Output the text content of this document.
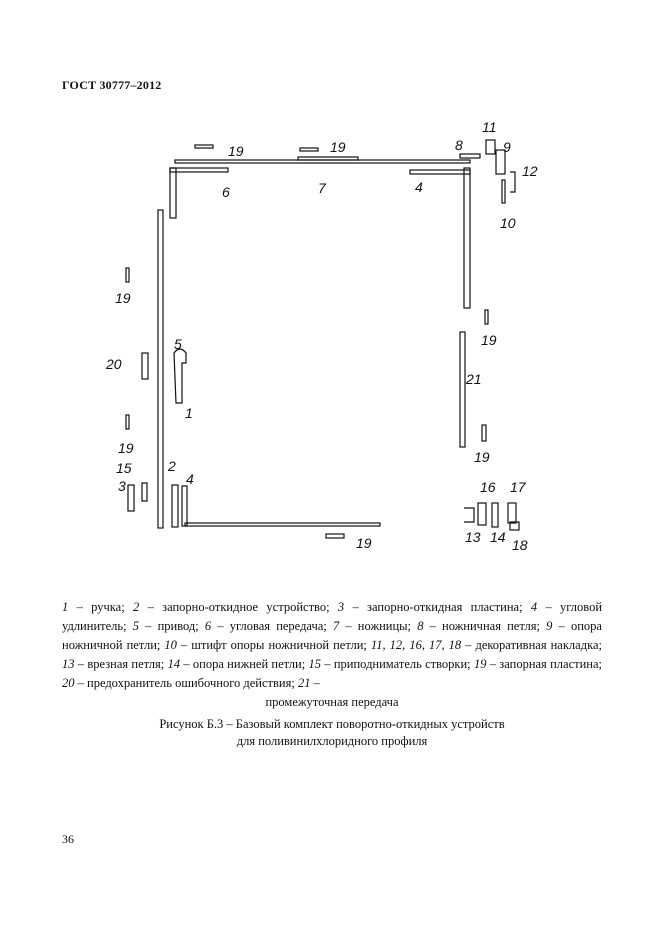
ГОСТ 30777–2012
1
2
3
4
4
5
6	7
8	9
10
11
12
13 14
15
16 17
18
19	19
19
19
19
19
19
20
21
1 – ручка; 2 – запорно-откидное устройство; 3 – запорно-откидная пластина; 4 – угловой удлинитель; 5 – привод; 6 – угловая передача; 7 – ножницы; 8 – ножничная петля; 9 – опора ножничной петли; 10 – штифт опоры ножничной петли; 11, 12, 16, 17, 18 – декоративная накладка; 13 – врезная петля; 14 – опора нижней петли; 15 – приподниматель створки; 19 – запорная пластина; 20 – предохранитель ошибочного действия; 21 –
промежуточная передача
Рисунок Б.3 – Базовый комплект поворотно-откидных устройств
для поливинилхлоридного профиля
36
